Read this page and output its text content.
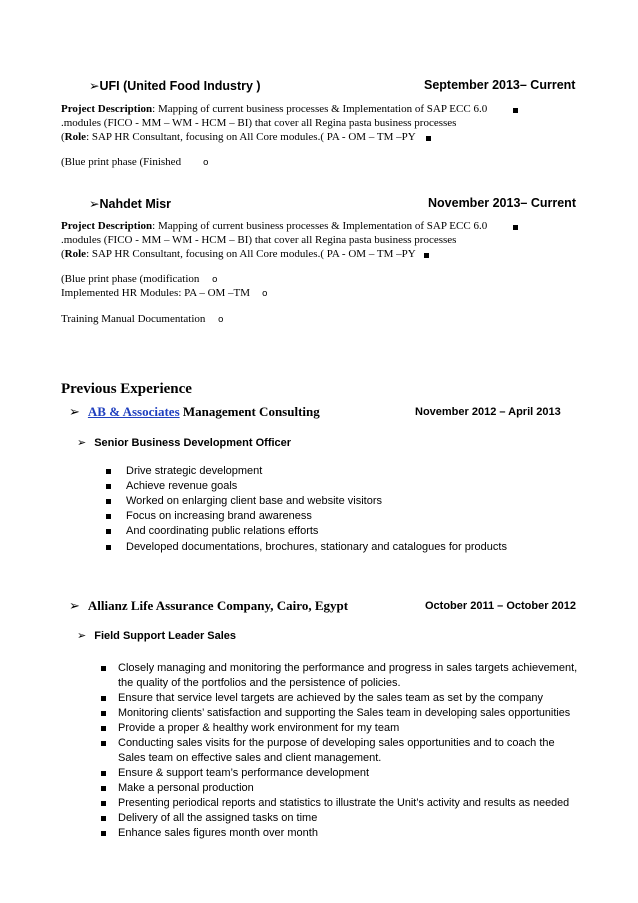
➢UFI (United Food Industry )	September 2013– Current
Project Description: Mapping of current business processes & Implementation of SAP ECC 6.0
.modules (FICO - MM – WM - HCM – BI) that cover all Regina pasta business processes
(Role: SAP HR Consultant, focusing on All Core modules.( PA - OM – TM –PY
(Blue print phase (Finished o
➢Nahdet Misr	November 2013– Current
Project Description: Mapping of current business processes & Implementation of SAP ECC 6.0
.modules (FICO - MM – WM - HCM – BI) that cover all Regina pasta business processes
(Role: SAP HR Consultant, focusing on All Core modules.( PA - OM – TM –PY
(Blue print phase (modification o
Implemented HR Modules: PA – OM –TM o
Training Manual Documentation o
Previous Experience
➢ AB & Associates Management Consulting	November 2012 – April 2013
➢ Senior Business Development Officer
Drive strategic development
Achieve revenue goals
Worked on enlarging client base and website visitors
Focus on increasing brand awareness
And coordinating public relations efforts
Developed documentations, brochures, stationary and catalogues for products
➢ Allianz Life Assurance Company, Cairo, Egypt	October 2011 – October 2012
➢ Field Support Leader Sales
Closely managing and monitoring the performance and progress in sales targets achievement, the quality of the portfolios and the persistence of policies.
Ensure that service level targets are achieved by the sales team as set by the company
Monitoring clients’ satisfaction and supporting the Sales team in developing sales opportunities
Provide a proper & healthy work environment for my team
Conducting sales visits for the purpose of developing sales opportunities and to coach the Sales team on effective sales and client management.
Ensure & support team’s performance development
Make a personal production
Presenting periodical reports and statistics to illustrate the Unit’s activity and results as needed
Delivery of all the assigned tasks on time
Enhance sales figures month over month
